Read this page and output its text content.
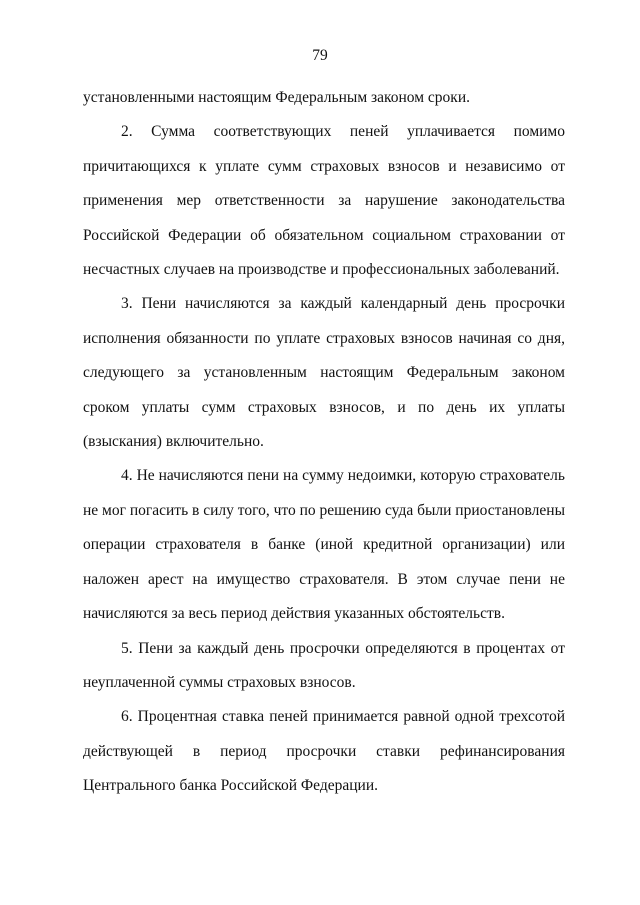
79

установленными настоящим Федеральным законом сроки.

2. Сумма соответствующих пеней уплачивается помимо причитающихся к уплате сумм страховых взносов и независимо от применения мер ответственности за нарушение законодательства Российской Федерации об обязательном социальном страховании от несчастных случаев на производстве и профессиональных заболеваний.

3. Пени начисляются за каждый календарный день просрочки исполнения обязанности по уплате страховых взносов начиная со дня, следующего за установленным настоящим Федеральным законом сроком уплаты сумм страховых взносов, и по день их уплаты (взыскания) включительно.

4. Не начисляются пени на сумму недоимки, которую страхователь не мог погасить в силу того, что по решению суда были приостановлены операции страхователя в банке (иной кредитной организации) или наложен арест на имущество страхователя. В этом случае пени не начисляются за весь период действия указанных обстоятельств.

5. Пени за каждый день просрочки определяются в процентах от неуплаченной суммы страховых взносов.

6. Процентная ставка пеней принимается равной одной трехсотой действующей в период просрочки ставки рефинансирования Центрального банка Российской Федерации.
